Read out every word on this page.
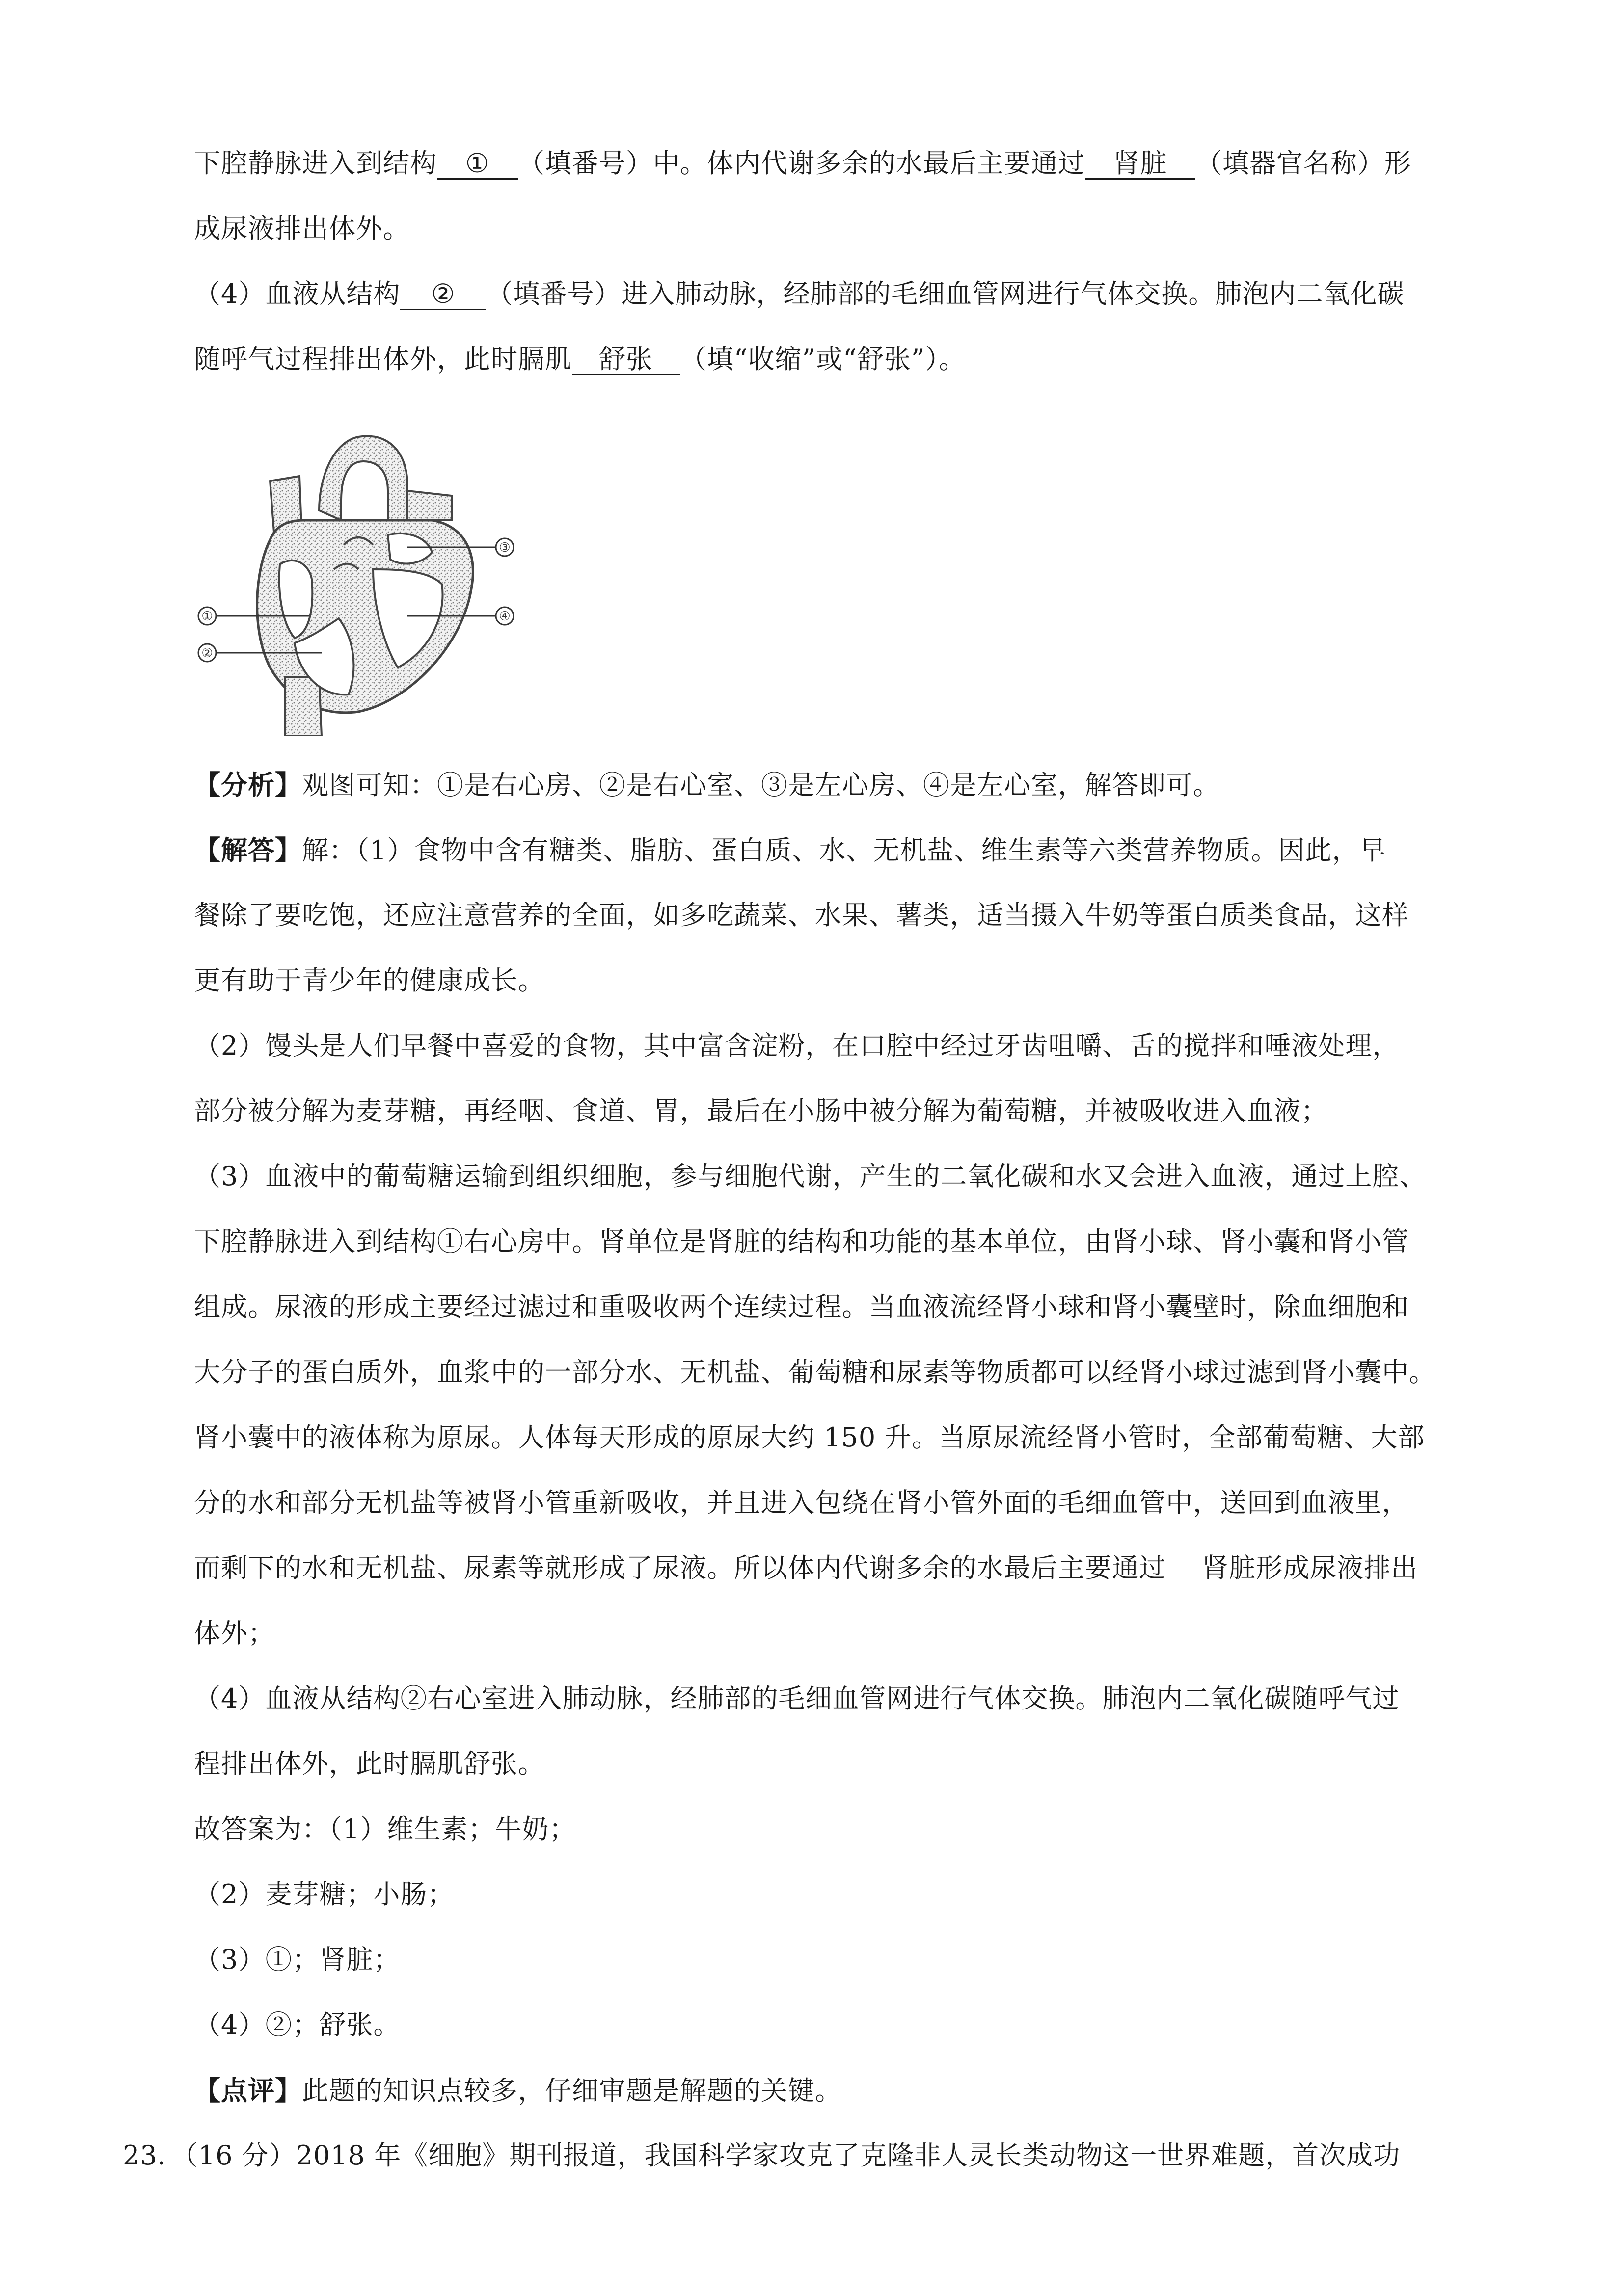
下腔静脉进入到结构 ① （填番号）中。体内代谢多余的水最后主要通过 肾脏 （填器官名称）形
成尿液排出体外。
（4）血液从结构 ② （填番号）进入肺动脉，经肺部的毛细血管网进行气体交换。肺泡内二氧化碳
随呼气过程排出体外，此时膈肌 舒张 （填“收缩”或“舒张”）。
①
②
③
④
【分析】观图可知：①是右心房、②是右心室、③是左心房、④是左心室，解答即可。
【解答】解：（1）食物中含有糖类、脂肪、蛋白质、水、无机盐、维生素等六类营养物质。因此，早
餐除了要吃饱，还应注意营养的全面，如多吃蔬菜、水果、薯类，适当摄入牛奶等蛋白质类食品，这样
更有助于青少年的健康成长。
（2）馒头是人们早餐中喜爱的食物，其中富含淀粉，在口腔中经过牙齿咀嚼、舌的搅拌和唾液处理，
部分被分解为麦芽糖，再经咽、食道、胃，最后在小肠中被分解为葡萄糖，并被吸收进入血液；
（3）血液中的葡萄糖运输到组织细胞，参与细胞代谢，产生的二氧化碳和水又会进入血液，通过上腔、
下腔静脉进入到结构①右心房中。肾单位是肾脏的结构和功能的基本单位，由肾小球、肾小囊和肾小管
组成。尿液的形成主要经过滤过和重吸收两个连续过程。当血液流经肾小球和肾小囊壁时，除血细胞和
大分子的蛋白质外，血浆中的一部分水、无机盐、葡萄糖和尿素等物质都可以经肾小球过滤到肾小囊中。
肾小囊中的液体称为原尿。人体每天形成的原尿大约 150 升。当原尿流经肾小管时，全部葡萄糖、大部
分的水和部分无机盐等被肾小管重新吸收，并且进入包绕在肾小管外面的毛细血管中，送回到血液里，
而剩下的水和无机盐、尿素等就形成了尿液。所以体内代谢多余的水最后主要通过　 肾脏形成尿液排出
体外；
（4）血液从结构②右心室进入肺动脉，经肺部的毛细血管网进行气体交换。肺泡内二氧化碳随呼气过
程排出体外，此时膈肌舒张。
故答案为：（1）维生素；牛奶；
（2）麦芽糖；小肠；
（3）①；肾脏；
（4）②；舒张。
【点评】此题的知识点较多，仔细审题是解题的关键。
23．（16 分）2018 年《细胞》期刊报道，我国科学家攻克了克隆非人灵长类动物这一世界难题，首次成功
